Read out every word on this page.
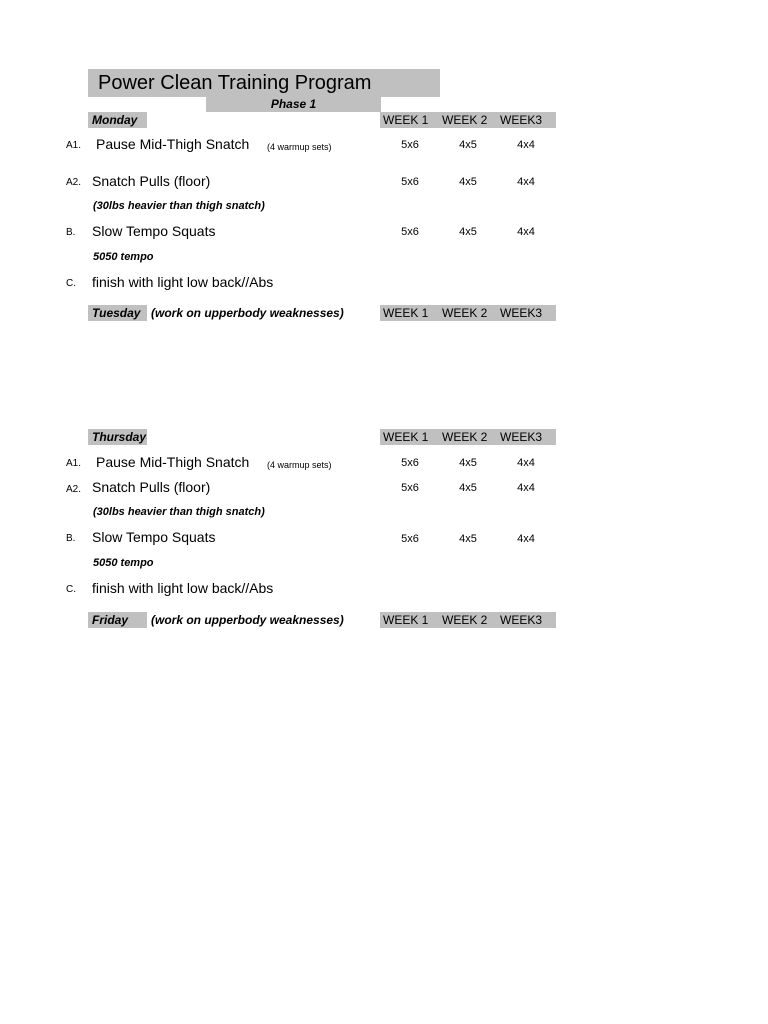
Power Clean Training Program
Phase 1
Monday	WEEK 1 WEEK 2 WEEK3
A1. Pause Mid-Thigh Snatch (4 warmup sets)	5x6	4x5	4x4
A2. Snatch Pulls (floor)	5x6	4x5	4x4
(30lbs heavier than thigh snatch)
B. Slow Tempo Squats	5x6	4x5	4x4
5050 tempo
C. finish with light low back//Abs
Tuesday (work on upperbody weaknesses)	WEEK 1 WEEK 2 WEEK3
Thursday	WEEK 1 WEEK 2 WEEK3
A1. Pause Mid-Thigh Snatch (4 warmup sets)	5x6	4x5	4x4
A2. Snatch Pulls (floor)	5x6	4x5	4x4
(30lbs heavier than thigh snatch)
B. Slow Tempo Squats	5x6	4x5	4x4
5050 tempo
C. finish with light low back//Abs
Friday (work on upperbody weaknesses)	WEEK 1 WEEK 2 WEEK3
